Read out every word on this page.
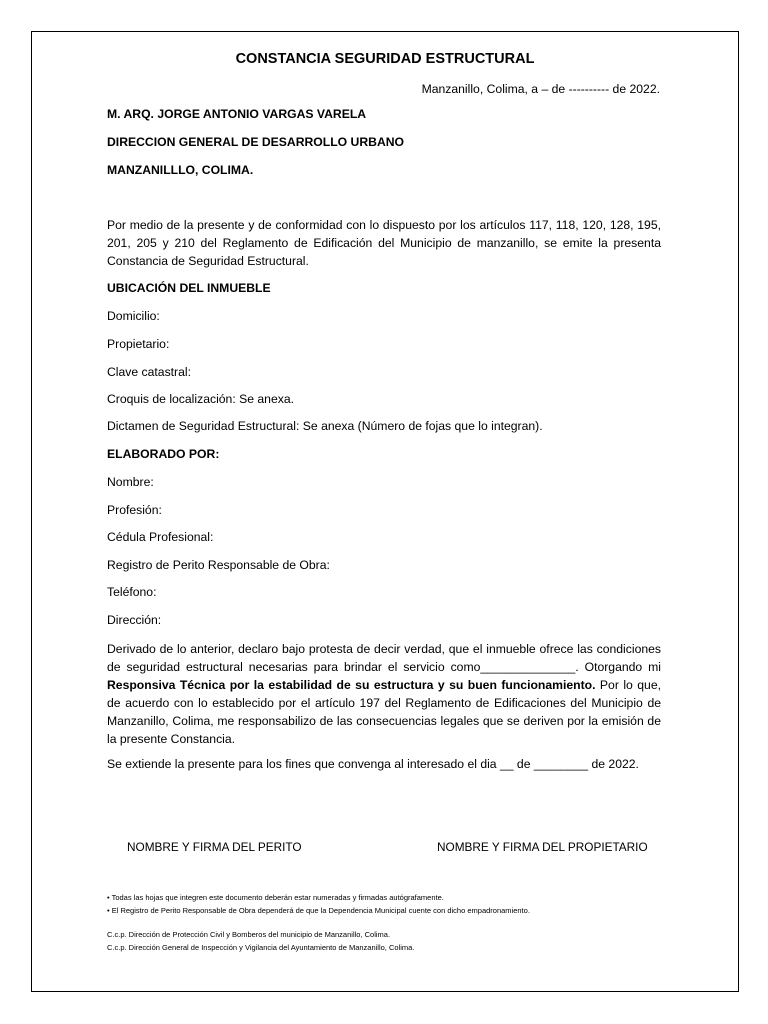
CONSTANCIA SEGURIDAD ESTRUCTURAL
Manzanillo, Colima, a – de ---------- de 2022.
M. ARQ. JORGE ANTONIO VARGAS VARELA
DIRECCION GENERAL DE DESARROLLO URBANO
MANZANILLLO, COLIMA.
Por medio de la presente y de conformidad con lo dispuesto por los artículos 117, 118, 120, 128, 195, 201, 205 y 210 del Reglamento de Edificación del Municipio de manzanillo, se emite la presenta Constancia de Seguridad Estructural.
UBICACIÓN DEL INMUEBLE
Domicilio:
Propietario:
Clave catastral:
Croquis de localización: Se anexa.
Dictamen de Seguridad Estructural: Se anexa (Número de fojas que lo integran).
ELABORADO POR:
Nombre:
Profesión:
Cédula Profesional:
Registro de Perito Responsable de Obra:
Teléfono:
Dirección:
Derivado de lo anterior, declaro bajo protesta de decir verdad, que el inmueble ofrece las condiciones de seguridad estructural necesarias para brindar el servicio como______________. Otorgando mi Responsiva Técnica por la estabilidad de su estructura y su buen funcionamiento. Por lo que, de acuerdo con lo establecido por el artículo 197 del Reglamento de Edificaciones del Municipio de Manzanillo, Colima, me responsabilizo de las consecuencias legales que se deriven por la emisión de la presente Constancia.
Se extiende la presente para los fines que convenga al interesado el dia __ de ________ de 2022.
NOMBRE Y FIRMA DEL PERITO	NOMBRE Y FIRMA DEL PROPIETARIO
• Todas las hojas que integren este documento deberán estar numeradas y firmadas autógrafamente.
• El Registro de Perito Responsable de Obra dependerá de que la Dependencia Municipal cuente con dicho empadronamiento.
C.c.p. Dirección de Protección Civil y Bomberos del municipio de Manzanillo, Colima.
C.c.p. Dirección General de Inspección y Vigilancia del Ayuntamiento de Manzanillo, Colima.
